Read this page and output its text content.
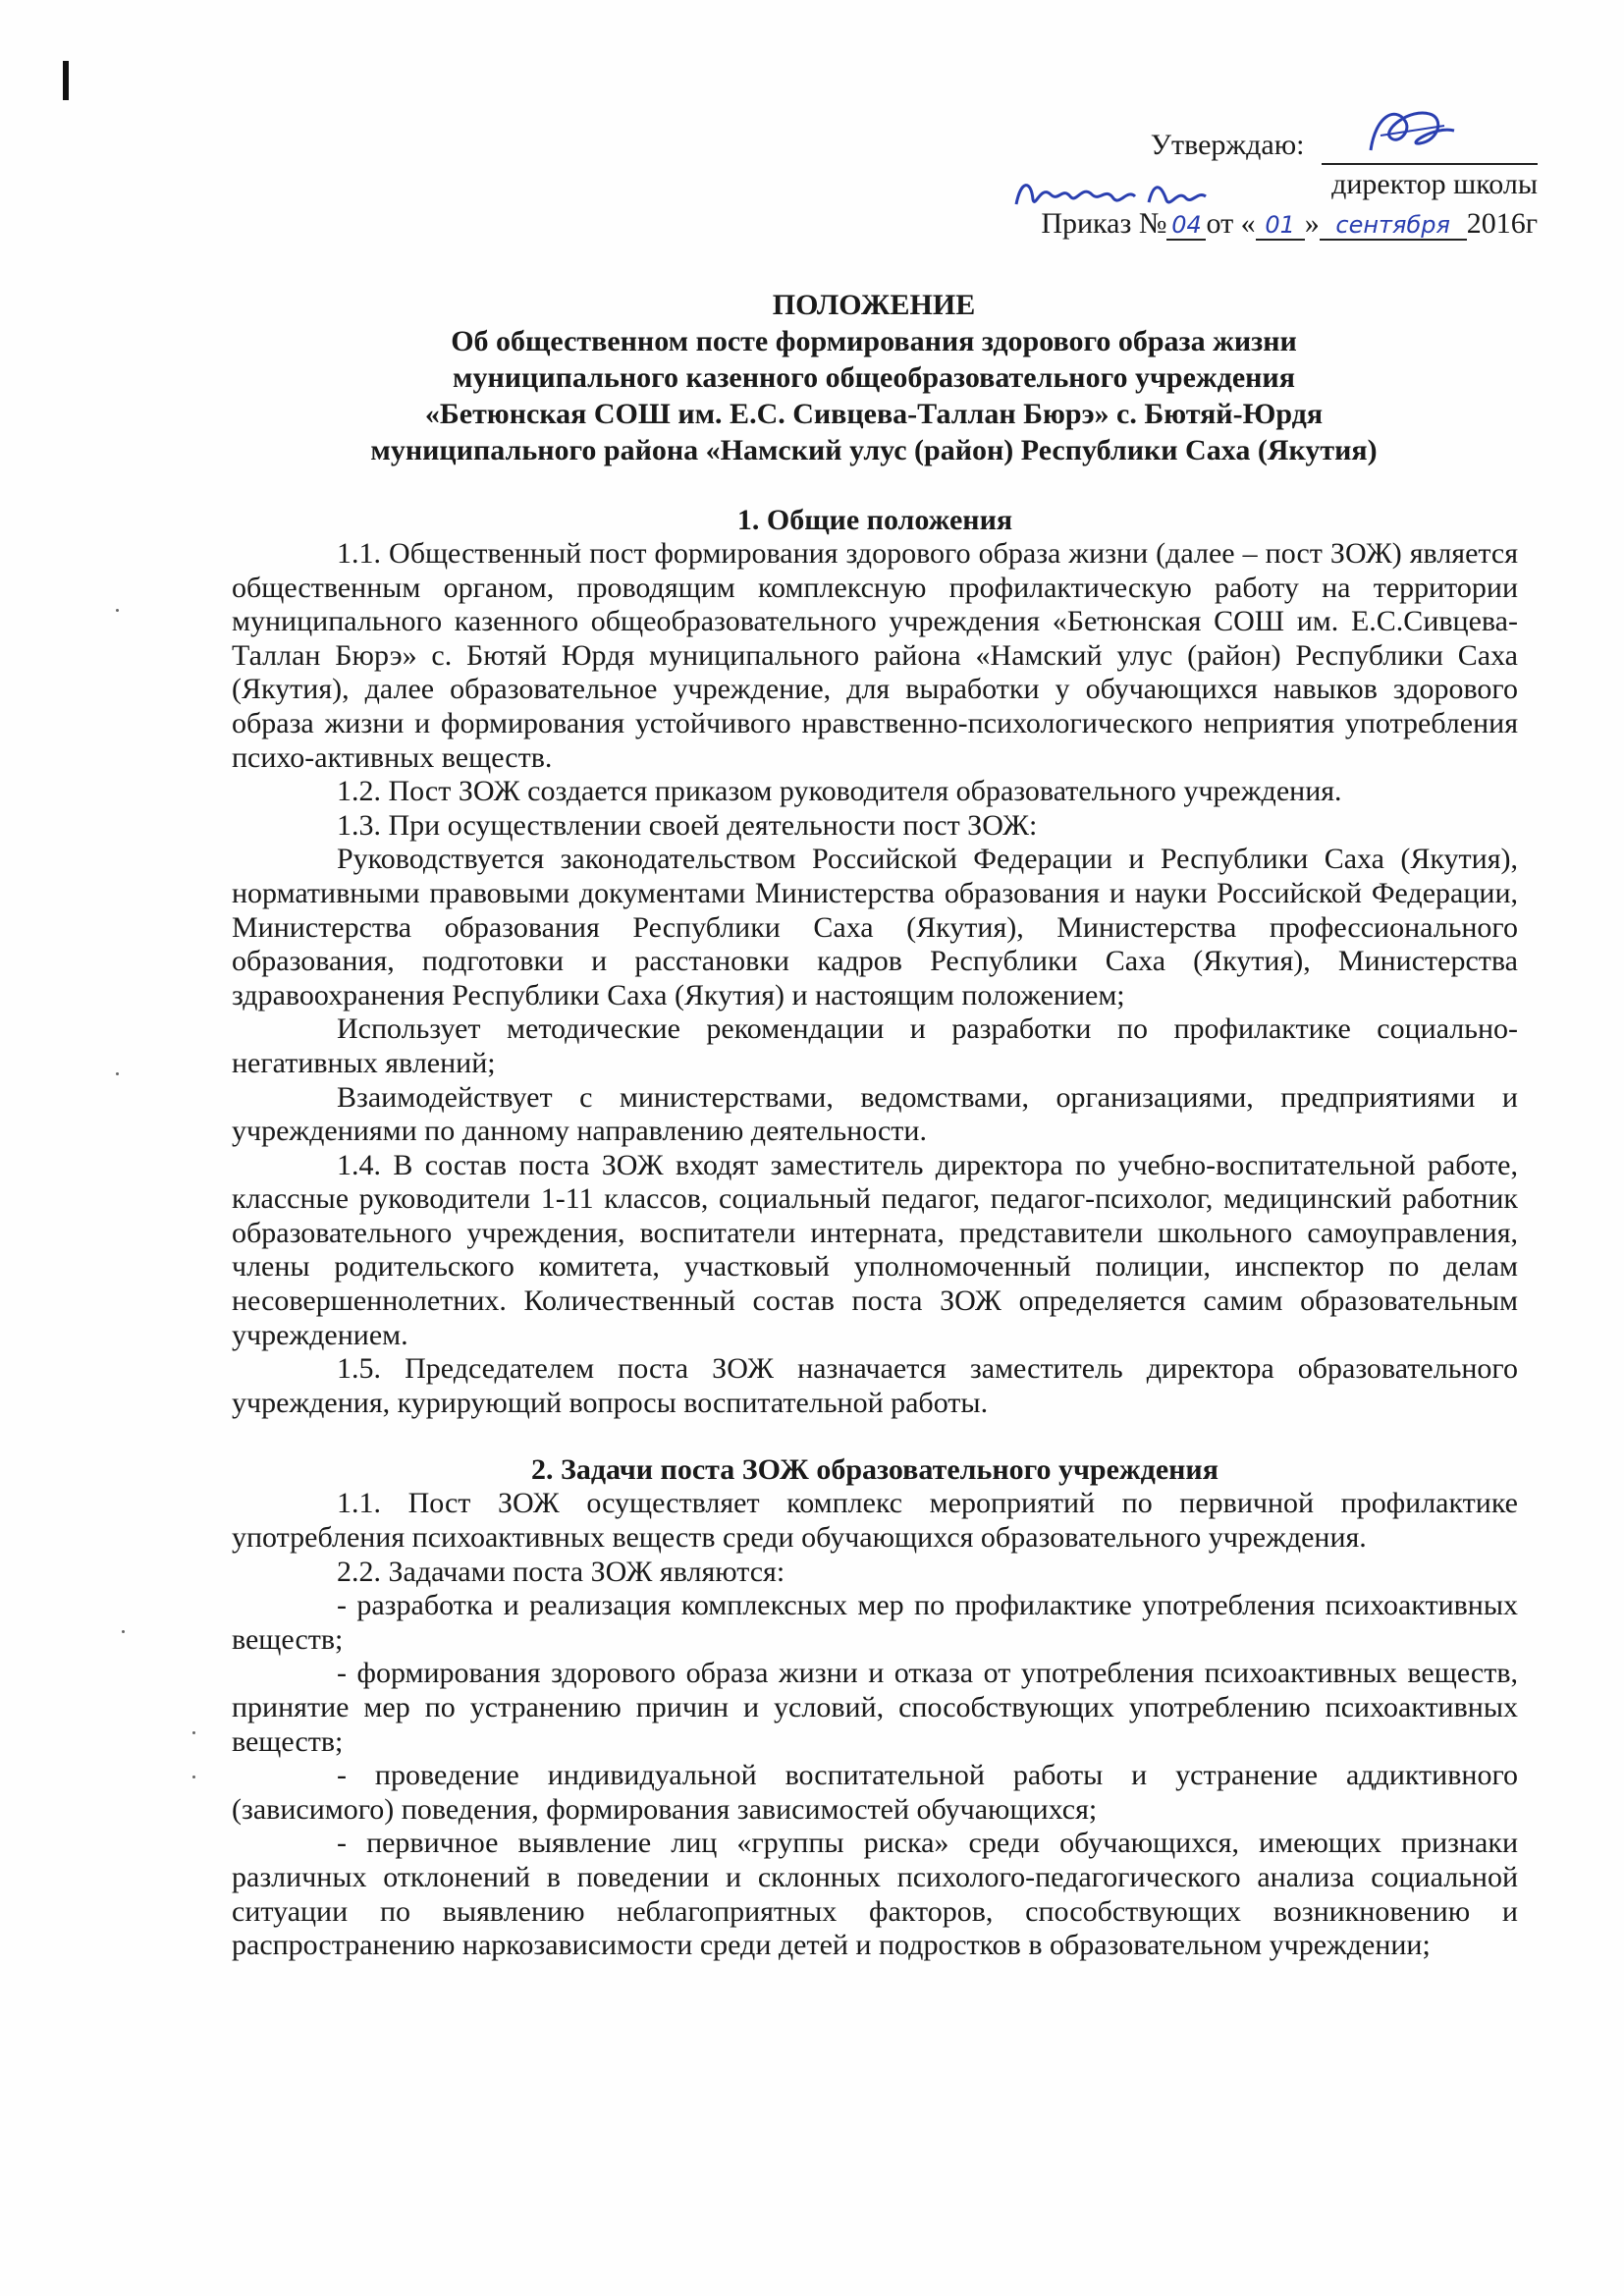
Утверждаю:
директор школы
Приказ № 04 от « 01 » сентября 2016г
ПОЛОЖЕНИЕ
Об общественном посте формирования здорового образа жизни
муниципального казенного общеобразовательного учреждения
«Бетюнская СОШ им. Е.С. Сивцева-Таллан Бюрэ» с. Бютяй-Юрдя
муниципального района «Намский улус (район) Республики Саха (Якутия)
1. Общие положения

1.1. Общественный пост формирования здорового образа жизни (далее – пост ЗОЖ) является общественным органом, проводящим комплексную профилактическую работу на территории муниципального казенного общеобразовательного учреждения «Бетюнская СОШ им. Е.С.Сивцева-Таллан Бюрэ» с. Бютяй Юрдя муниципального района «Намский улус (район) Республики Саха (Якутия), далее образовательное учреждение, для выработки у обучающихся навыков здорового образа жизни и формирования устойчивого нравственно-психологического неприятия употребления психо-активных веществ.

1.2. Пост ЗОЖ создается приказом руководителя образовательного учреждения.

1.3. При осуществлении своей деятельности пост ЗОЖ:

Руководствуется законодательством Российской Федерации и Республики Саха (Якутия), нормативными правовыми документами Министерства образования и науки Российской Федерации, Министерства образования Республики Саха (Якутия), Министерства профессионального образования, подготовки и расстановки кадров Республики Саха (Якутия), Министерства здравоохранения Республики Саха (Якутия) и настоящим положением;

Использует методические рекомендации и разработки по профилактике социально-негативных явлений;

Взаимодействует с министерствами, ведомствами, организациями, предприятиями и учреждениями по данному направлению деятельности.

1.4. В состав поста ЗОЖ входят заместитель директора по учебно-воспитательной работе, классные руководители 1-11 классов, социальный педагог, педагог-психолог, медицинский работник образовательного учреждения, воспитатели интерната, представители школьного самоуправления, члены родительского комитета, участковый уполномоченный полиции, инспектор по делам несовершеннолетних. Количественный состав поста ЗОЖ определяется самим образовательным учреждением.

1.5. Председателем поста ЗОЖ назначается заместитель директора образовательного учреждения, курирующий вопросы воспитательной работы.

2. Задачи поста ЗОЖ образовательного учреждения

1.1. Пост ЗОЖ осуществляет комплекс мероприятий по первичной профилактике употребления психоактивных веществ среди обучающихся образовательного учреждения.

2.2. Задачами поста ЗОЖ являются:

- разработка и реализация комплексных мер по профилактике употребления психоактивных веществ;

- формирования здорового образа жизни и отказа от употребления психоактивных веществ, принятие мер по устранению причин и условий, способствующих употреблению психоактивных веществ;

- проведение индивидуальной воспитательной работы и устранение аддиктивного (зависимого) поведения, формирования зависимостей обучающихся;

- первичное выявление лиц «группы риска» среди обучающихся, имеющих признаки различных отклонений в поведении и склонных психолого-педагогического анализа социальной ситуации по выявлению неблагоприятных факторов, способствующих возникновению и распространению наркозависимости среди детей и подростков в образовательном учреждении;
